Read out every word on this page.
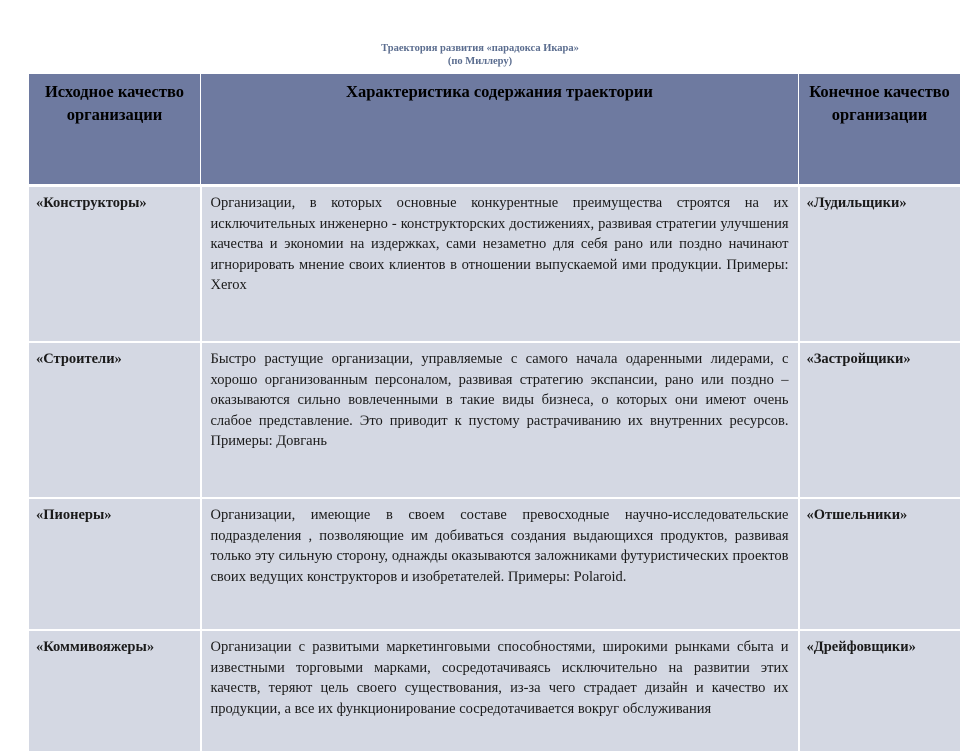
Траектория развития «парадокса Икара»
(по Миллеру)
Исходное качество организации	Характеристика содержания траектории	Конечное качество организации
«Конструкторы»	Организации, в которых основные конкурентные преимущества строятся на их исключительных инженерно - конструкторских достижениях, развивая стратегии улучшения качества и экономии на издержках, сами незаметно для себя рано или поздно начинают игнорировать мнение своих клиентов в отношении выпускаемой ими продукции. Примеры: Xerox	«Лудильщики»
«Строители»	Быстро растущие организации, управляемые с самого начала одаренными лидерами, с хорошо организованным персоналом, развивая стратегию экспансии, рано или поздно –оказываются сильно вовлеченными в такие виды бизнеса, о которых они имеют очень слабое представление. Это приводит к пустому растрачиванию их внутренних ресурсов. Примеры: Довгань	«Застройщики»
«Пионеры»	Организации, имеющие в своем составе превосходные научно-исследовательские подразделения , позволяющие им добиваться создания выдающихся продуктов, развивая только эту сильную сторону, однажды оказываются заложниками футуристических проектов своих ведущих конструкторов и изобретателей. Примеры: Polaroid.	«Отшельники»
«Коммивояжеры»	Организации с развитыми маркетинговыми способностями, широкими рынками сбыта и известными торговыми марками, сосредотачиваясь исключительно на развитии этих качеств, теряют цель своего существования, из-за чего страдает дизайн и качество их продукции, а все их функционирование сосредотачивается вокруг обслуживания	«Дрейфовщики»
